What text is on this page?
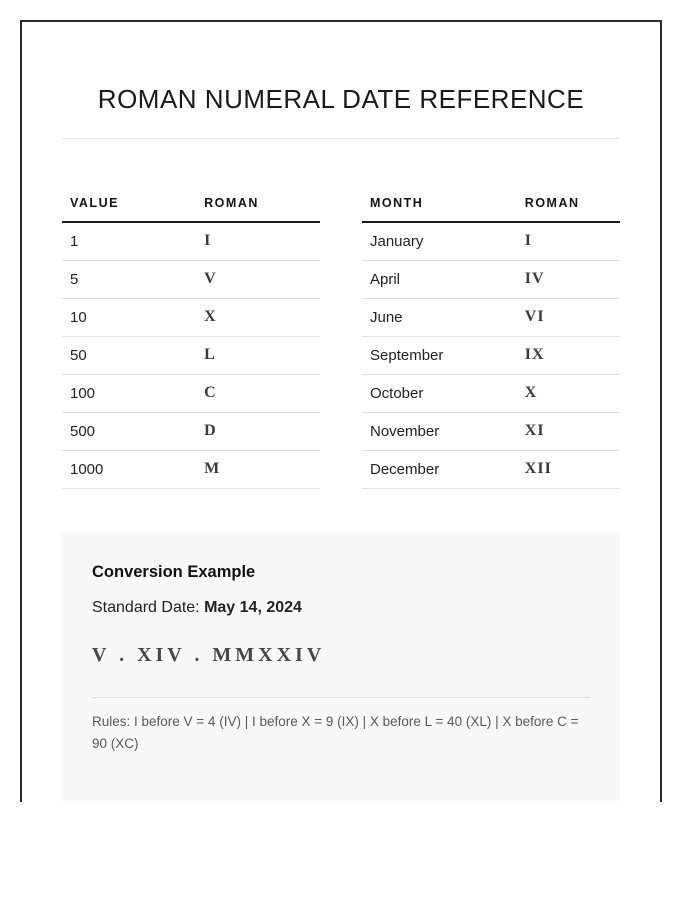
ROMAN NUMERAL DATE REFERENCE
VALUE	ROMAN
1	I
5	V
10	X
50	L
100	C
500	D
1000	M
MONTH	ROMAN
January	I
April	IV
June	VI
September	IX
October	X
November	XI
December	XII
Conversion Example

Standard Date: May 14, 2024

V . XIV . MMXXIV

Rules: I before V = 4 (IV) | I before X = 9 (IX) | X before L = 40 (XL) | X before C = 90 (XC)
